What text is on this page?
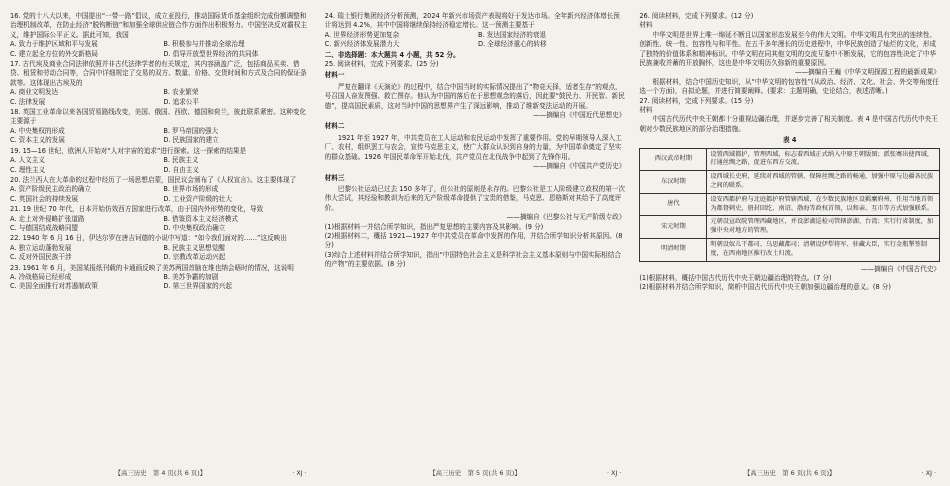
16. 党的十八大以来，中国提出“一带一路”倡议，成立亚投行，推动国际货币基金组织完成份额调整和治理机制改革，在防止经济“脱钩断链”和加强全球供应链合作方面作出积极努力。中国坚决反对霸权主义，维护国际公平正义。据此可知，我国
A. 致力于维护区域和平与发展	B. 积极参与并推动全球治理
C. 建立起全方位的外交新格局	D. 倡导开放型世界经济的共同体
17. 古代埃及商业合同法律依照并非古代法律学者的有关规定，其内容涵盖广泛，包括商品买卖、借贷、租赁和劳动合同等，合同中详细规定了交易的双方、数量、价格、交货时间和方式及合同的保证条款等。这体现出古埃及的
A. 商业文明发达	B. 农业繁荣
C. 法律发展	D. 追求公平
18. 英国工业革命以来各国贸易路线改变，美国、俄国、西欧、德国和荷兰，彼此联系紧密。这种变化主要源于
A. 中央集权的形成	B. 罗马帝国的强大
C. 资本主义的发展	D. 民族国家的建立
19. 15—16 世纪，欧洲人开始对“人对宇宙的追求”进行探索。这一探索的结果是
A. 人文主义	B. 民族主义
C. 理性主义	D. 自由主义
20. 法兰西人在大革命的过程中经历了一场思想启蒙，国民议会颁布了《人权宣言》。这主要体现了
A. 资产阶级民主政治的确立	B. 世界市场的形成
C. 英国社会的持续发展	D. 工业资产阶级的壮大
21. 19 世纪 70 年代，日本开始仿效西方国家进行改革，由于国内外形势的变化，导致
A. 走上对外侵略扩张道路	B. 借鉴资本主义经济模式
C. 与德国结成战略同盟	D. 中央集权政治确立
22. 1940 年 6 月 16 日，伊达尔罗在唐吉诃德的小说中写道：“如今我们面对的……”这反映出
A. 独立运动蓬勃发展	B. 民族主义思想觉醒
C. 反对外国民族干涉	D. 宗教改革运动兴起
23. 1961 年 6 月，美国某报纸刊载的卡通画反映了美苏两国首脑在维也纳会晤时的情况，这说明
A. 冷战格局已经形成	B. 美苏争霸的加剧
C. 美国全面推行对苏遏制政策	D. 第三世界国家的兴起
【高三历史　第 4 页(共 6 页)】	· XJ ·
24. 瑞士银行集团经济分析预测，2024 年新兴市场资产表现将好于发达市场。全年新兴经济体增长预计将达到 4.2%，其中中国将继续保持经济稳定增长。这一预测主要基于
A. 世界经济形势更加复杂	B. 发达国家经济的衰退
C. 新兴经济体发展潜力大	D. 全球经济重心的转移
二、非选择题：本大题共 4 小题，共 52 分。
25. 阅读材料，完成下列要求。(25 分)
材料一

严复在翻译《天演论》的过程中，结合中国当时的实际情况提出了“物竞天择，适者生存”的观点，号召国人奋发图强、救亡图存。他认为中国的落后在于思想观念的落后，因此要“鼓民力、开民智、新民德”，提高国民素质，这对当时中国的思想界产生了深远影响，推动了维新变法运动的开展。

——摘编自《中国近代思想史》

材料二

1921 年至 1927 年，中共党员在工人运动和农民运动中发挥了重要作用。党的早期领导人深入工厂、农村，组织罢工与农会，宣传马克思主义，使广大群众认识到自身的力量，为中国革命奠定了坚实的群众基础。1926 年国民革命军开始北伐，共产党员在北伐战争中起到了先锋作用。

——摘编自《中国共产党历史》

材料三

巴黎公社运动已过去 150 多年了，但公社的原则是永存的。巴黎公社是工人阶级建立政权的第一次伟大尝试，其经验和教训为后来的无产阶级革命提供了宝贵的借鉴，马克思、恩格斯对其给予了高度评价。

——摘编自《巴黎公社与无产阶级专政》

(1)根据材料一并结合所学知识，指出严复思想的主要内容及其影响。(9 分)
(2)根据材料二，概括 1921—1927 年中共党员在革命中发挥的作用，并结合所学知识分析其原因。(8 分)
(3)综合上述材料并结合所学知识，指出“中国特色社会主义是科学社会主义基本原则与中国实际相结合的产物”的主要依据。(8 分)
【高三历史　第 5 页(共 6 页)】	· XJ ·
26. 阅读材料，完成下列要求。(12 分)
材料

中华文明是世界上唯一绵延不断且以国家形态发展至今的伟大文明。中华文明具有突出的连续性、创新性、统一性、包容性与和平性。在五千多年漫长的历史进程中，中华民族创造了灿烂的文化，形成了独特的价值体系和精神标识。中华文明在同其他文明的交流互鉴中不断发展，它的包容性决定了中华民族兼收并蓄的开放胸怀，这也是中华文明历久弥新的重要原因。

——摘编自王巍《中华文明探源工程的最新成果》

根据材料，结合中国历史知识，从“中华文明的包容性”(从政治、经济、文化、社会、外交等角度任选一个方面)，自拟论题，并进行简要阐释。(要求：主题明确，史论结合，表述清晰。)

27. 阅读材料，完成下列要求。(15 分)
材料

中国古代历代中央王朝都十分重视边疆治理，并逐步完善了相关制度。表 4 是中国古代历代中央王朝对少数民族地区的部分治理措施。

表 4
西汉武帝时期	设置西域都护，管理西域，标志着西域正式纳入中原王朝版图；派张骞出使西域，打通丝绸之路，促进东西方交流。
东汉时期	设西域长史府，延续对西域的管辖，保障丝绸之路的畅通，加强中原与边疆各民族之间的联系。
唐代	设安西都护府与北庭都护府管辖西域，在少数民族地区设羁縻府州，任用当地首领为都督刺史，册封回纥、南诏、渤海等政权首领，以和亲、互市等方式加强联系。
宋元时期	元朝设宣政院管理西藏地区，并设澎湖巡检司管辖澎湖、台湾；实行行省制度，加强中央对地方的管理。
明清时期	明朝设奴儿干都司、乌思藏都司；清朝设伊犁将军、驻藏大臣，实行金瓶掣签制度，在西南地区推行改土归流。

——摘编自《中国古代史》

(1)根据材料，概括中国古代历代中央王朝边疆治理的特点。(7 分)
(2)根据材料并结合所学知识，简析中国古代历代中央王朝加强边疆治理的意义。(8 分)
【高三历史　第 6 页(共 6 页)】	· XJ ·
